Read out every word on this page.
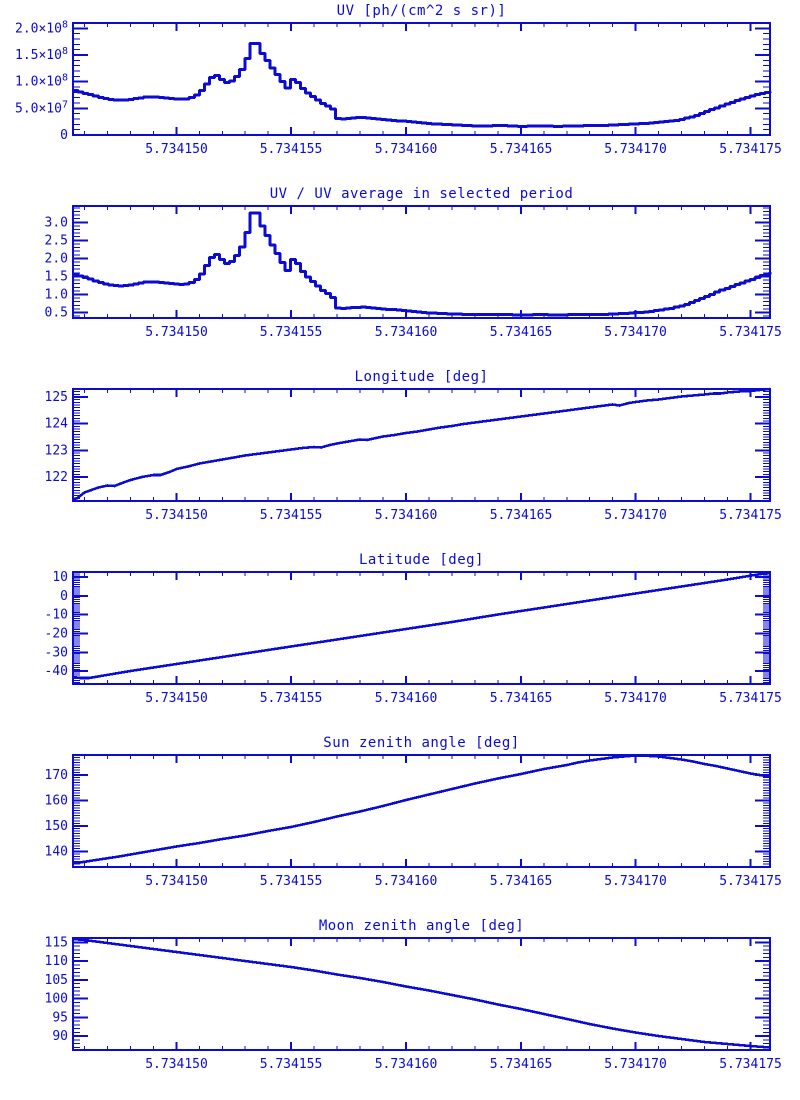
UV [ph/(cm^2 s sr)]
0
$5.0\times 10^7$
$1.0\times 10^8$
$1.5\times 10^8$
$2.0\times 10^8$
5.734150	5.734155	5.734160	5.734165	5.734170	5.734175
UV / UV average in selected period
0.5
1.0
1.5
2.0
2.5
3.0
5.734150	5.734155	5.734160	5.734165	5.734170	5.734175
Longitude [deg]
122
123
124
125
5.734150	5.734155	5.734160	5.734165	5.734170	5.734175
Latitude [deg]
-40
-30
-20
-10
0
10
5.734150	5.734155	5.734160	5.734165	5.734170	5.734175
Sun zenith angle [deg]
140
150
160
170
5.734150	5.734155	5.734160	5.734165	5.734170	5.734175
Moon zenith angle [deg]
90
95
100
105
110
115
5.734150	5.734155	5.734160	5.734165	5.734170	5.734175
